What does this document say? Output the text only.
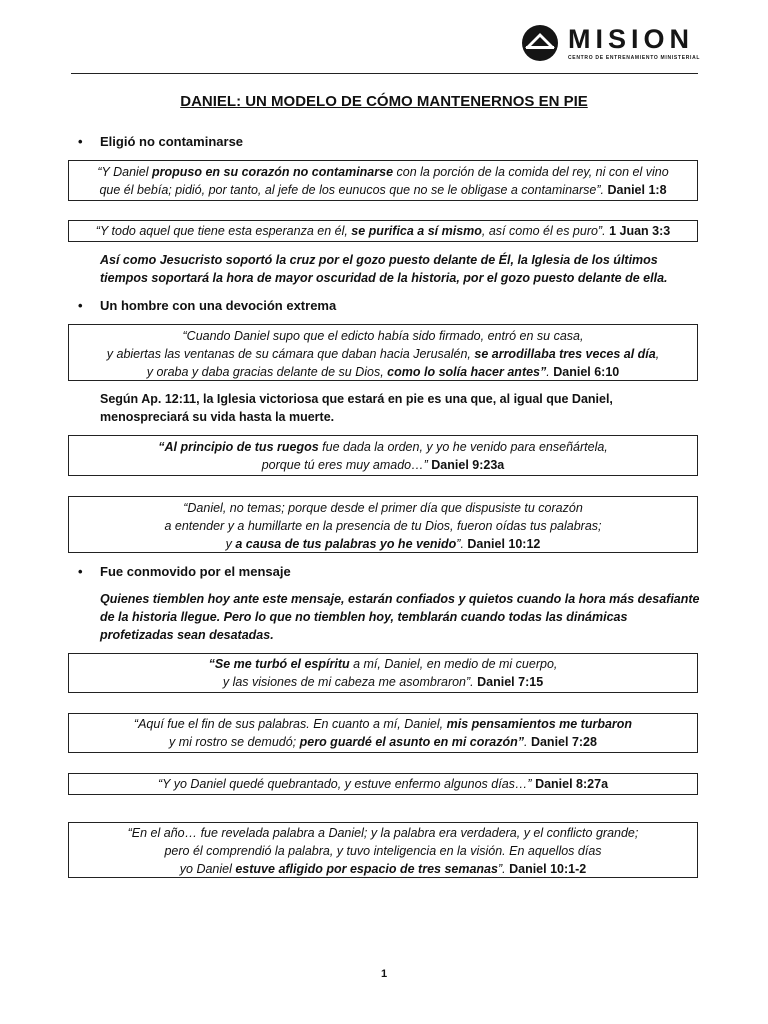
MISION
CENTRO DE ENTRENAMIENTO MINISTERIAL
DANIEL: UN MODELO DE CÓMO MANTENERNOS EN PIE
• Eligió no contaminarse
“Y Daniel propuso en su corazón no contaminarse con la porción de la comida del rey, ni con el vino
que él bebía; pidió, por tanto, al jefe de los eunucos que no se le obligase a contaminarse”. Daniel 1:8
“Y todo aquel que tiene esta esperanza en él, se purifica a sí mismo, así como él es puro”. 1 Juan 3:3
Así como Jesucristo soportó la cruz por el gozo puesto delante de Él, la Iglesia de los últimos tiempos soportará la hora de mayor oscuridad de la historia, por el gozo puesto delante de ella.
• Un hombre con una devoción extrema
“Cuando Daniel supo que el edicto había sido firmado, entró en su casa,
y abiertas las ventanas de su cámara que daban hacia Jerusalén, se arrodillaba tres veces al día,
y oraba y daba gracias delante de su Dios, como lo solía hacer antes”. Daniel 6:10
Según Ap. 12:11, la Iglesia victoriosa que estará en pie es una que, al igual que Daniel, menospreciará su vida hasta la muerte.
“Al principio de tus ruegos fue dada la orden, y yo he venido para enseñártela,
porque tú eres muy amado…” Daniel 9:23a
“Daniel, no temas; porque desde el primer día que dispusiste tu corazón
a entender y a humillarte en la presencia de tu Dios, fueron oídas tus palabras;
y a causa de tus palabras yo he venido”. Daniel 10:12
• Fue conmovido por el mensaje
Quienes tiemblen hoy ante este mensaje, estarán confiados y quietos cuando la hora más desafiante de la historia llegue. Pero lo que no tiemblen hoy, temblarán cuando todas las dinámicas profetizadas sean desatadas.
“Se me turbó el espíritu a mí, Daniel, en medio de mi cuerpo,
y las visiones de mi cabeza me asombraron”. Daniel 7:15
“Aquí fue el fin de sus palabras. En cuanto a mí, Daniel, mis pensamientos me turbaron
y mi rostro se demudó; pero guardé el asunto en mi corazón”. Daniel 7:28
“Y yo Daniel quedé quebrantado, y estuve enfermo algunos días…” Daniel 8:27a
“En el año… fue revelada palabra a Daniel; y la palabra era verdadera, y el conflicto grande;
pero él comprendió la palabra, y tuvo inteligencia en la visión. En aquellos días
yo Daniel estuve afligido por espacio de tres semanas”. Daniel 10:1-2
1
